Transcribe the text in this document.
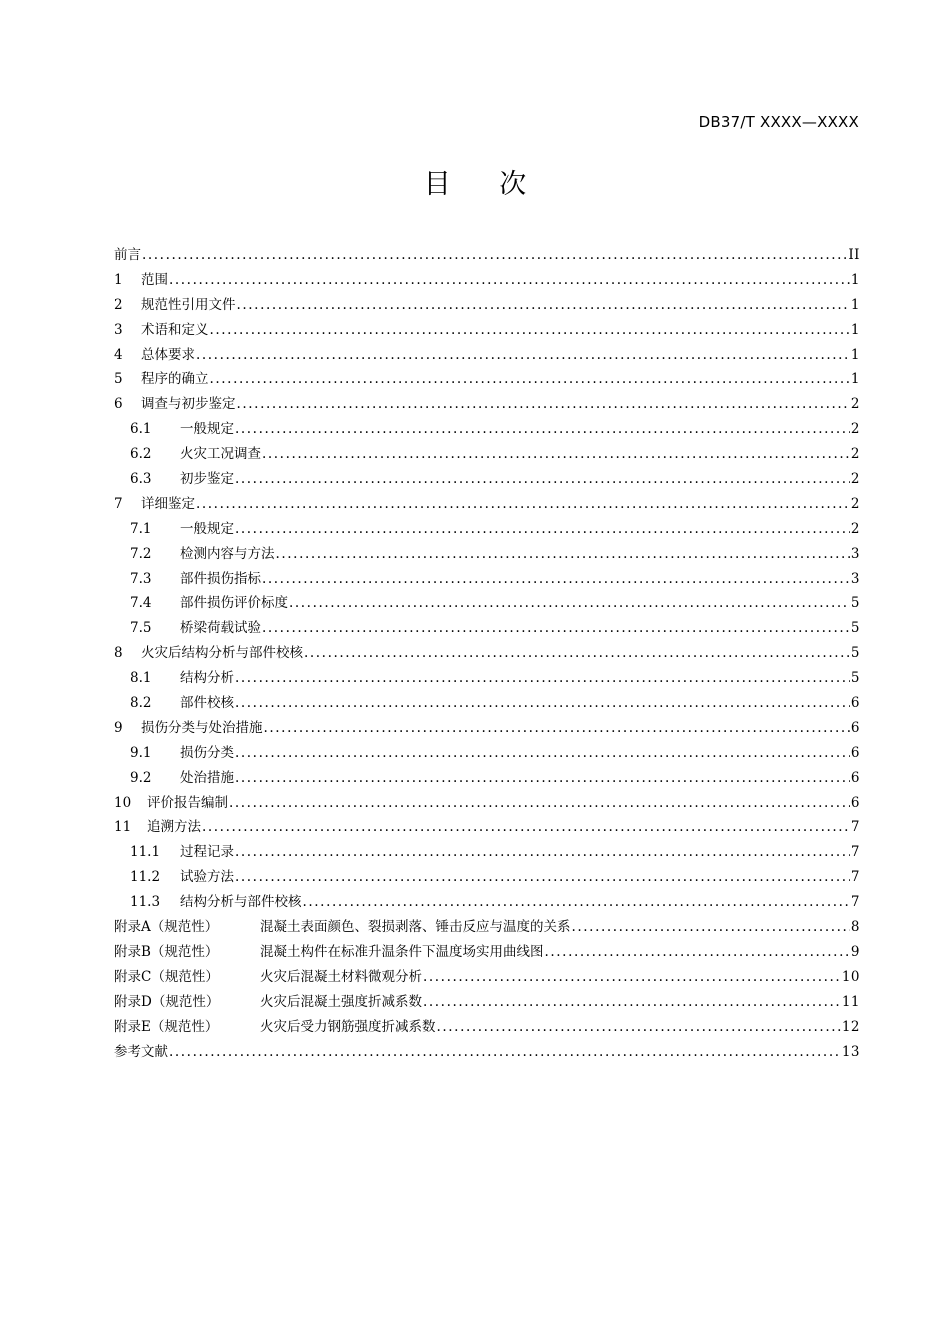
DB37/T XXXX—XXXX
目 次
前言 .....	II
1	范围 .....	1
2	规范性引用文件 .....	1
3	术语和定义 .....	1
4	总体要求 .....	1
5	程序的确立 .....	1
6	调查与初步鉴定 .....	2
6.1	一般规定 .....	2
6.2	火灾工况调查 .....	2
6.3	初步鉴定 .....	2
7	详细鉴定 .....	2
7.1	一般规定 .....	2
7.2	检测内容与方法 .....	3
7.3	部件损伤指标 .....	3
7.4	部件损伤评价标度 .....	5
7.5	桥梁荷载试验 .....	5
8	火灾后结构分析与部件校核 .....	5
8.1	结构分析 .....	5
8.2	部件校核 .....	6
9	损伤分类与处治措施 .....	6
9.1	损伤分类 .....	6
9.2	处治措施 .....	6
10	评价报告编制 .....	6
11	追溯方法 .....	7
11.1	过程记录 .....	7
11.2	试验方法 .....	7
11.3	结构分析与部件校核 .....	7
附录A（规范性）	混凝土表面颜色、裂损剥落、锤击反应与温度的关系 .....	8
附录B（规范性）	混凝土构件在标准升温条件下温度场实用曲线图 .....	9
附录C（规范性）	火灾后混凝土材料微观分析 .....	10
附录D（规范性）	火灾后混凝土强度折减系数 .....	11
附录E（规范性）	火灾后受力钢筋强度折减系数 .....	12
参考文献 .....	13
